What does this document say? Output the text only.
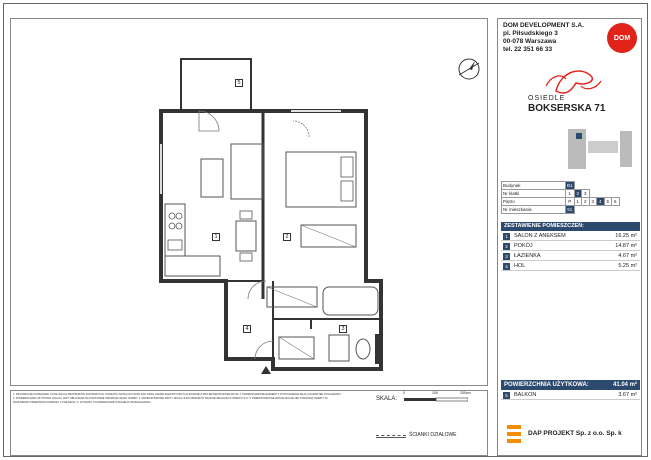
1	2
3
4
5
1. INFORMACJE POWIĄZANE LOKALIZACJĄ PRZYBORÓW SANITARNYCH, PODEJŚĆ INSTALACJI WOD-KAN ORAZ GNIAZD ELEKTRYCZNYCH ZGODNE Z PROJEKTEM BUDOWLANYM. 2. PRZEDSTAWIONE ELEMENTY WYPOSAŻENIA MAJĄ CHARAKTER POGLĄDOWY. 3. POWIERZCHNIA UŻYTKOWA LOKALU JEST OBLICZANA NA PODSTAWIE OBOWIĄZUJĄCEJ NORMY. 4. PRZEDSTAWIONE RZUTY MOGĄ ULEC ZMIANIE W TRAKCIE REALIZACJI INWESTYCJI. 5. PRZEDSTAWIONE WIZUALIZACJE NIE STANOWIĄ OFERTY W ROZUMIENIU PRZEPISÓW KODEKSU CYWILNEGO. 6. WYMIARY I POWIERZCHNIE PODANE W ZAOKRĄGLENIU.
SKALA:
0	100	200cm
ŚCIANKI DZIAŁOWE
DOM DEVELOPMENT S.A.
pl. Piłsudskiego 3
00-078 Warszawa
tel. 22 351 66 33
DOM
OSIEDLE
BOKSERSKA 71
Budynek	B1						
Nr klatki	1	2	3				
Piętro	P	1	2	3	4	5	6
Nr mieszkania	51						
ZESTAWIENIE POMIESZCZEŃ:
1	SALON Z ANEKSEM	16.25 m²
2	POKÓJ	14.87 m²
3	ŁAZIENKA	4.67 m²
4	HOL	5.25 m²
POWIERZCHNIA UŻYTKOWA:	41.04 m²
5	BALKON	3.67 m²
DAP PROJEKT Sp. z o.o. Sp. k
